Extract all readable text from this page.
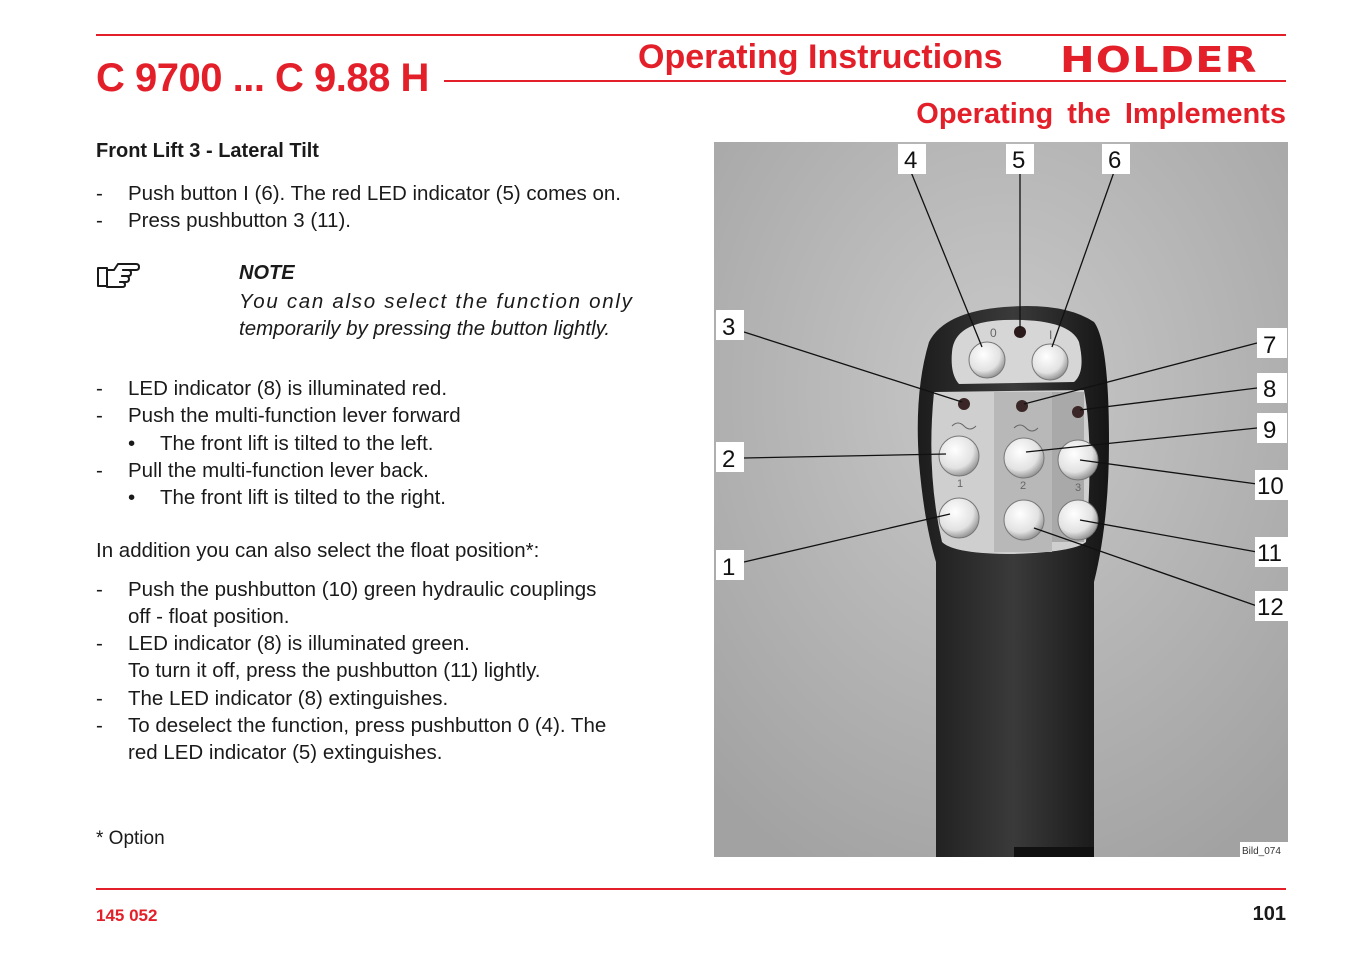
C 9700 ... C 9.88 H	Operating Instructions HOLDER
Operating the Implements
Front Lift 3 - Lateral Tilt
- Push button I (6). The red LED indicator (5) comes on.
- Press pushbutton 3 (11).
NOTE
You can also select the function only
temporarily by pressing the button lightly.
- LED indicator (8) is illuminated red.
- Push the multi-function lever forward
• The front lift is tilted to the left.
- Pull the multi-function lever back.
• The front lift is tilted to the right.
In addition you can also select the float position*:
- Push the pushbutton (10) green hydraulic couplings
off - float position.
- LED indicator (8) is illuminated green.
To turn it off, press the pushbutton (11) lightly.
- The LED indicator (8) extinguishes.
- To deselect the function, press pushbutton 0 (4). The
red LED indicator (5) extinguishes.
* Option
0	I
1	2	3
4	5	6
3
2
1
7
8
9
10
11
12
Bild_074
145 052	101
